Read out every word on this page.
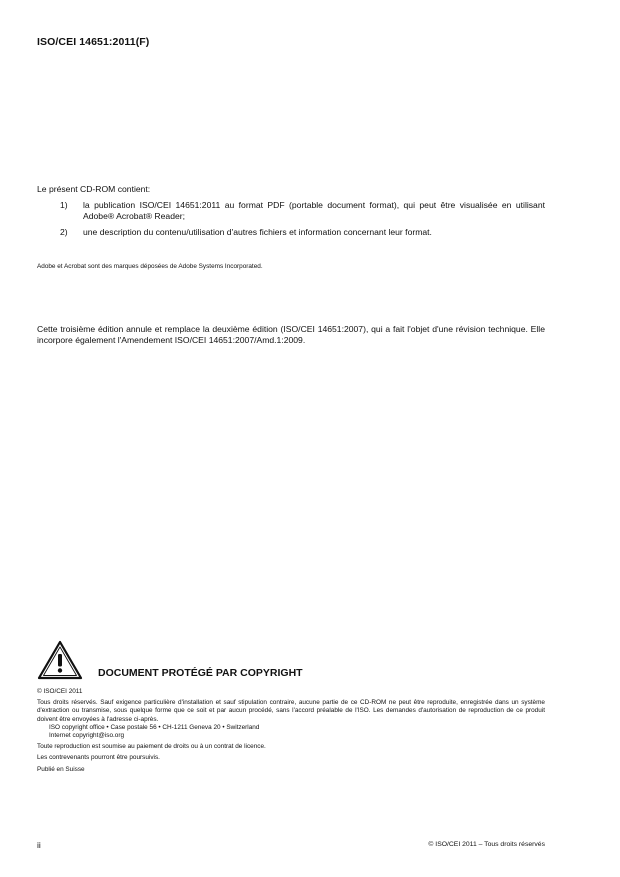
ISO/CEI 14651:2011(F)
Le présent CD-ROM contient:
1) la publication ISO/CEI 14651:2011 au format PDF (portable document format), qui peut être visualisée en utilisant Adobe® Acrobat® Reader;
2) une description du contenu/utilisation d'autres fichiers et information concernant leur format.
Adobe et Acrobat sont des marques déposées de Adobe Systems Incorporated.
Cette troisième édition annule et remplace la deuxième édition (ISO/CEI 14651:2007), qui a fait l'objet d'une révision technique. Elle incorpore également l'Amendement ISO/CEI 14651:2007/Amd.1:2009.
DOCUMENT PROTÉGÉ PAR COPYRIGHT
© ISO/CEI 2011
Tous droits réservés. Sauf exigence particulière d'installation et sauf stipulation contraire, aucune partie de ce CD-ROM ne peut être reproduite, enregistrée dans un système d'extraction ou transmise, sous quelque forme que ce soit et par aucun procédé, sans l'accord préalable de l'ISO. Les demandes d'autorisation de reproduction de ce produit doivent être envoyées à l'adresse ci-après.
ISO copyright office • Case postale 56 • CH-1211 Geneva 20 • Switzerland
Internet copyright@iso.org
Toute reproduction est soumise au paiement de droits ou à un contrat de licence.
Les contrevenants pourront être poursuivis.
Publié en Suisse
ii	© ISO/CEI 2011 – Tous droits réservés
